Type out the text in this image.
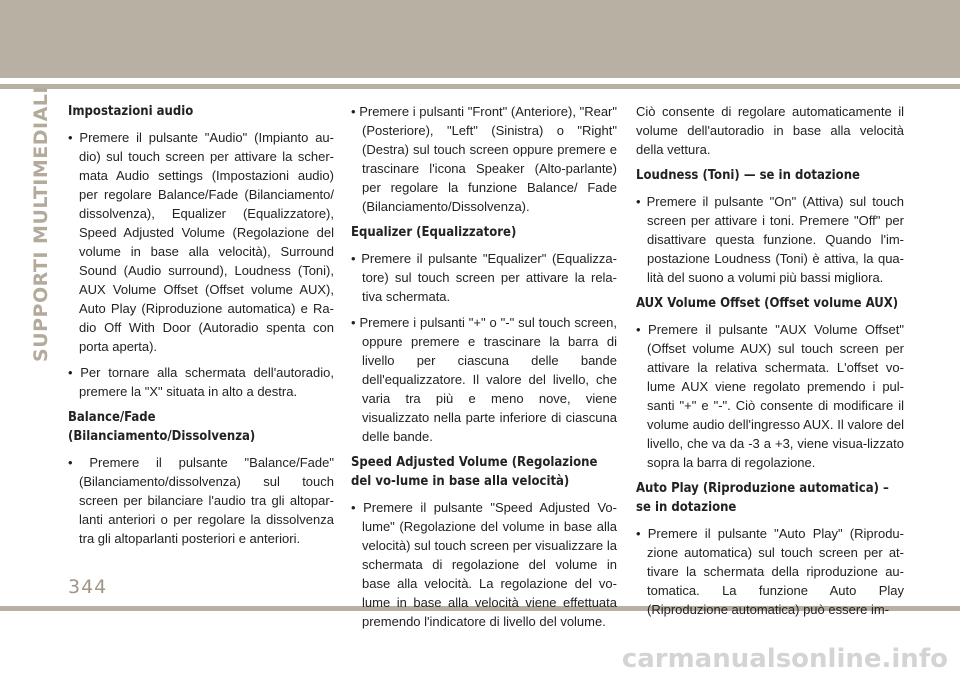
SUPPORTI MULTIMEDIALI Impostazioni audio

• Premere il pulsante "Audio" (Impianto au-dio) sul touch screen per attivare la scher-mata Audio settings (Impostazioni audio) per regolare Balance/Fade (Bilanciamento/ dissolvenza), Equalizer (Equalizzatore), Speed Adjusted Volume (Regolazione del volume in base alla velocità), Surround Sound (Audio surround), Loudness (Toni), AUX Volume Offset (Offset volume AUX), Auto Play (Riproduzione automatica) e Ra-dio Off With Door (Autoradio spenta con porta aperta).

• Per tornare alla schermata dell'autoradio, premere la "X" situata in alto a destra.

Balance/Fade (Bilanciamento/Dissolvenza)

• Premere il pulsante "Balance/Fade" (Bilanciamento/dissolvenza) sul touch screen per bilanciare l'audio tra gli altopar-lanti anteriori o per regolare la dissolvenza tra gli altoparlanti posteriori e anteriori.

• Premere i pulsanti "Front" (Anteriore), "Rear" (Posteriore), "Left" (Sinistra) o "Right" (Destra) sul touch screen oppure premere e trascinare l'icona Speaker (Alto-parlante) per regolare la funzione Balance/ Fade (Bilanciamento/Dissolvenza).

Equalizer (Equalizzatore)

• Premere il pulsante "Equalizer" (Equalizza-tore) sul touch screen per attivare la rela-tiva schermata.

• Premere i pulsanti "+" o "-" sul touch screen, oppure premere e trascinare la barra di livello per ciascuna delle bande dell'equalizzatore. Il valore del livello, che varia tra più e meno nove, viene visualizzato nella parte inferiore di ciascuna delle bande.

Speed Adjusted Volume (Regolazione del vo-lume in base alla velocità)

• Premere il pulsante "Speed Adjusted Vo-lume" (Regolazione del volume in base alla velocità) sul touch screen per visualizzare la schermata di regolazione del volume in base alla velocità. La regolazione del vo-lume in base alla velocità viene effettuata premendo l'indicatore di livello del volume.

Ciò consente di regolare automaticamente il volume dell'autoradio in base alla velocità della vettura.

Loudness (Toni) — se in dotazione

• Premere il pulsante "On" (Attiva) sul touch screen per attivare i toni. Premere "Off" per disattivare questa funzione. Quando l'im-postazione Loudness (Toni) è attiva, la qua-lità del suono a volumi più bassi migliora.

AUX Volume Offset (Offset volume AUX)

• Premere il pulsante "AUX Volume Offset" (Offset volume AUX) sul touch screen per attivare la relativa schermata. L'offset vo-lume AUX viene regolato premendo i pul-santi "+" e "-". Ciò consente di modificare il volume audio dell'ingresso AUX. Il valore del livello, che va da -3 a +3, viene visua-lizzato sopra la barra di regolazione.

Auto Play (Riproduzione automatica) – se in dotazione

• Premere il pulsante "Auto Play" (Riprodu-zione automatica) sul touch screen per at-tivare la schermata della riproduzione au-tomatica. La funzione Auto Play (Riproduzione automatica) può essere im-

344
carmanualsonline.info
